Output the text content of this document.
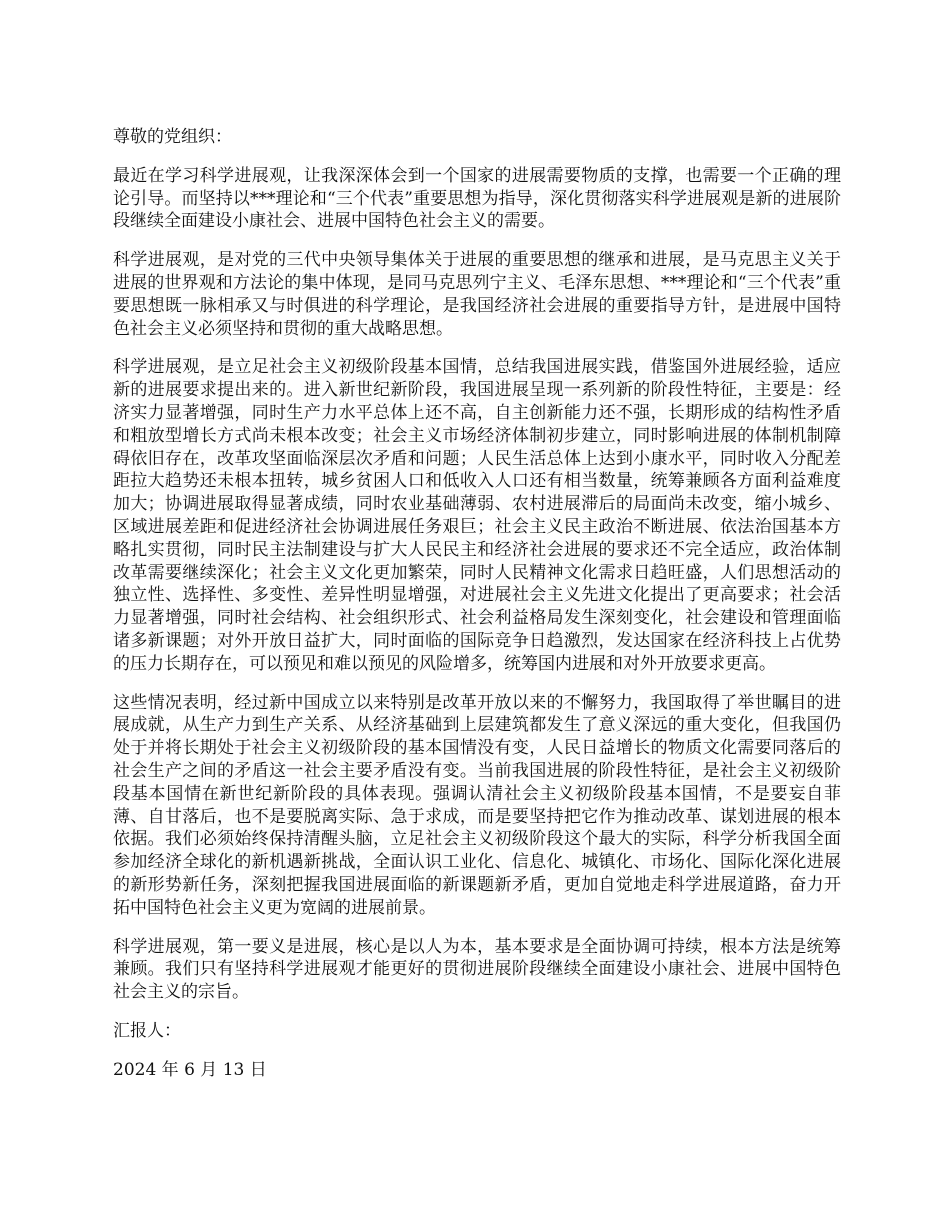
尊敬的党组织：

最近在学习科学进展观，让我深深体会到一个国家的进展需要物质的支撑，也需要一个正确的理论引导。而坚持以***理论和“三个代表”重要思想为指导，深化贯彻落实科学进展观是新的进展阶段继续全面建设小康社会、进展中国特色社会主义的需要。

科学进展观，是对党的三代中央领导集体关于进展的重要思想的继承和进展，是马克思主义关于进展的世界观和方法论的集中体现，是同马克思列宁主义、毛泽东思想、***理论和“三个代表”重要思想既一脉相承又与时俱进的科学理论，是我国经济社会进展的重要指导方针，是进展中国特色社会主义必须坚持和贯彻的重大战略思想。

科学进展观，是立足社会主义初级阶段基本国情，总结我国进展实践，借鉴国外进展经验，适应新的进展要求提出来的。进入新世纪新阶段，我国进展呈现一系列新的阶段性特征，主要是：经济实力显著增强，同时生产力水平总体上还不高，自主创新能力还不强，长期形成的结构性矛盾和粗放型增长方式尚未根本改变；社会主义市场经济体制初步建立，同时影响进展的体制机制障碍依旧存在，改革攻坚面临深层次矛盾和问题；人民生活总体上达到小康水平，同时收入分配差距拉大趋势还未根本扭转，城乡贫困人口和低收入人口还有相当数量，统筹兼顾各方面利益难度加大；协调进展取得显著成绩，同时农业基础薄弱、农村进展滞后的局面尚未改变，缩小城乡、区域进展差距和促进经济社会协调进展任务艰巨；社会主义民主政治不断进展、依法治国基本方略扎实贯彻，同时民主法制建设与扩大人民民主和经济社会进展的要求还不完全适应，政治体制改革需要继续深化；社会主义文化更加繁荣，同时人民精神文化需求日趋旺盛，人们思想活动的独立性、选择性、多变性、差异性明显增强，对进展社会主义先进文化提出了更高要求；社会活力显著增强，同时社会结构、社会组织形式、社会利益格局发生深刻变化，社会建设和管理面临诸多新课题；对外开放日益扩大，同时面临的国际竞争日趋激烈，发达国家在经济科技上占优势的压力长期存在，可以预见和难以预见的风险增多，统筹国内进展和对外开放要求更高。

这些情况表明，经过新中国成立以来特别是改革开放以来的不懈努力，我国取得了举世瞩目的进展成就，从生产力到生产关系、从经济基础到上层建筑都发生了意义深远的重大变化，但我国仍处于并将长期处于社会主义初级阶段的基本国情没有变，人民日益增长的物质文化需要同落后的社会生产之间的矛盾这一社会主要矛盾没有变。当前我国进展的阶段性特征，是社会主义初级阶段基本国情在新世纪新阶段的具体表现。强调认清社会主义初级阶段基本国情，不是要妄自菲薄、自甘落后，也不是要脱离实际、急于求成，而是要坚持把它作为推动改革、谋划进展的根本依据。我们必须始终保持清醒头脑，立足社会主义初级阶段这个最大的实际，科学分析我国全面参加经济全球化的新机遇新挑战，全面认识工业化、信息化、城镇化、市场化、国际化深化进展的新形势新任务，深刻把握我国进展面临的新课题新矛盾，更加自觉地走科学进展道路，奋力开拓中国特色社会主义更为宽阔的进展前景。

科学进展观，第一要义是进展，核心是以人为本，基本要求是全面协调可持续，根本方法是统筹兼顾。我们只有坚持科学进展观才能更好的贯彻进展阶段继续全面建设小康社会、进展中国特色社会主义的宗旨。

汇报人：

2024 年 6 月 13 日
